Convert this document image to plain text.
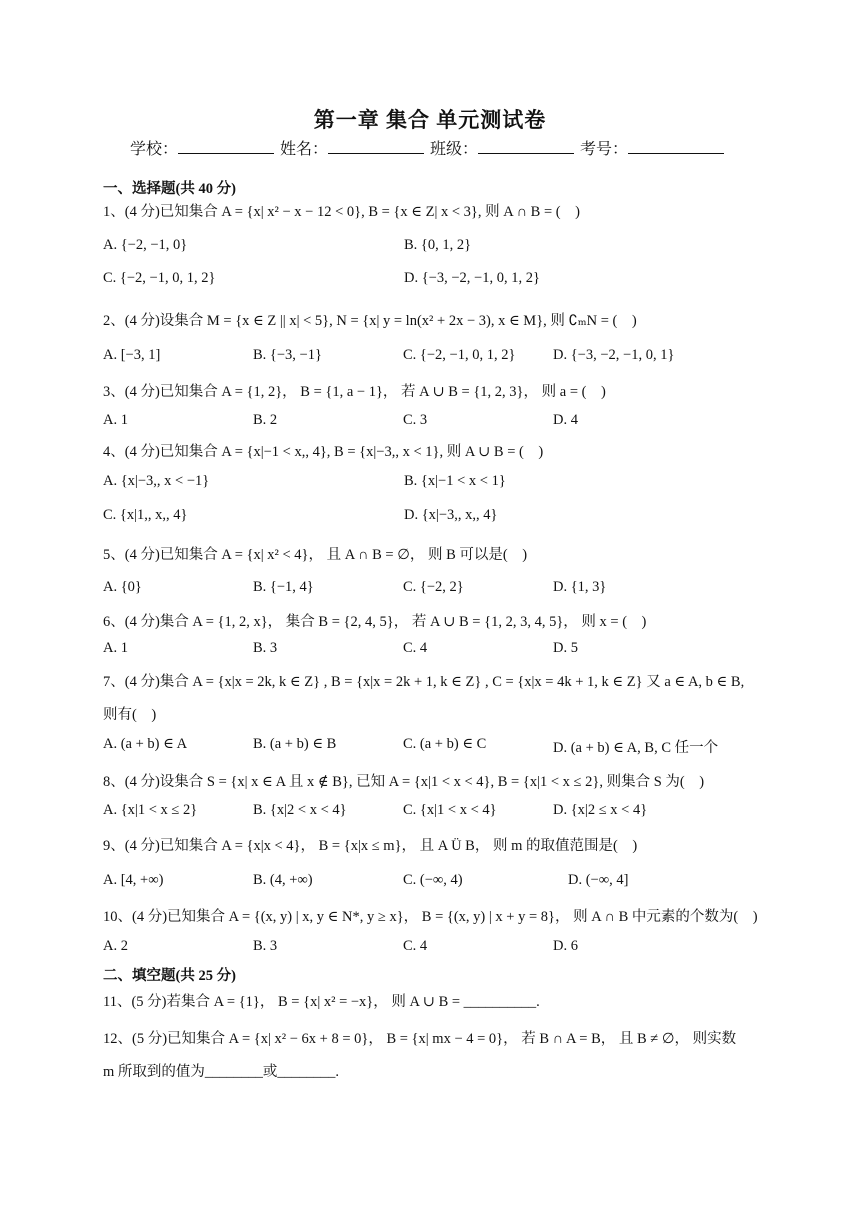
第一章 集合 单元测试卷
学校：	姓名：	班级：	考号：
一、选择题(共 40 分)
1、(4 分)已知集合 A = {x| x² − x − 12 < 0}, B = {x ∈ Z| x < 3}, 则 A ∩ B = (　)
A. {−2, −1, 0}	B. {0, 1, 2}
C. {−2, −1, 0, 1, 2}	D. {−3, −2, −1, 0, 1, 2}
2、(4 分)设集合 M = {x ∈ Z || x| < 5}, N = {x| y = ln(x² + 2x − 3), x ∈ M}, 则 ∁ₘN = (　)
A. [−3, 1]	B. {−3, −1}	C. {−2, −1, 0, 1, 2}	D. {−3, −2, −1, 0, 1}
3、(4 分)已知集合 A = {1, 2}， B = {1, a − 1}， 若 A ∪ B = {1, 2, 3}， 则 a = (　)
A. 1	B. 2	C. 3	D. 4
4、(4 分)已知集合 A = {x|−1 < x,, 4}, B = {x|−3,, x < 1}, 则 A ∪ B = (　)
A. {x|−3,, x < −1}	B. {x|−1 < x < 1}
C. {x|1,, x,, 4}	D. {x|−3,, x,, 4}
5、(4 分)已知集合 A = {x| x² < 4}， 且 A ∩ B = ∅， 则 B 可以是(　)
A. {0}	B. {−1, 4}	C. {−2, 2}	D. {1, 3}
6、(4 分)集合 A = {1, 2, x}， 集合 B = {2, 4, 5}， 若 A ∪ B = {1, 2, 3, 4, 5}， 则 x = (　)
A. 1	B. 3	C. 4	D. 5
7、(4 分)集合 A = {x|x = 2k, k ∈ Z} , B = {x|x = 2k + 1, k ∈ Z} , C = {x|x = 4k + 1, k ∈ Z} 又 a ∈ A, b ∈ B,
则有(　)
A. (a + b) ∈ A	B. (a + b) ∈ B	C. (a + b) ∈ C	D. (a + b) ∈ A, B, C 任一个
8、(4 分)设集合 S = {x| x ∈ A 且 x ∉ B}, 已知 A = {x|1 < x < 4}, B = {x|1 < x ≤ 2}, 则集合 S 为(　)
A. {x|1 < x ≤ 2}	B. {x|2 < x < 4}	C. {x|1 < x < 4}	D. {x|2 ≤ x < 4}
9、(4 分)已知集合 A = {x|x < 4}， B = {x|x ≤ m}， 且 A Ü B， 则 m 的取值范围是(　)
A. [4, +∞)	B. (4, +∞)	C. (−∞, 4)	D. (−∞, 4]
10、(4 分)已知集合 A = {(x, y) | x, y ∈ N*, y ≥ x}， B = {(x, y) | x + y = 8}， 则 A ∩ B 中元素的个数为(　)
A. 2	B. 3	C. 4	D. 6
二、填空题(共 25 分)
11、(5 分)若集合 A = {1}， B = {x| x² = −x}， 则 A ∪ B = __________.
12、(5 分)已知集合 A = {x| x² − 6x + 8 = 0}， B = {x| mx − 4 = 0}， 若 B ∩ A = B， 且 B ≠ ∅， 则实数
m 所取到的值为________或________.
